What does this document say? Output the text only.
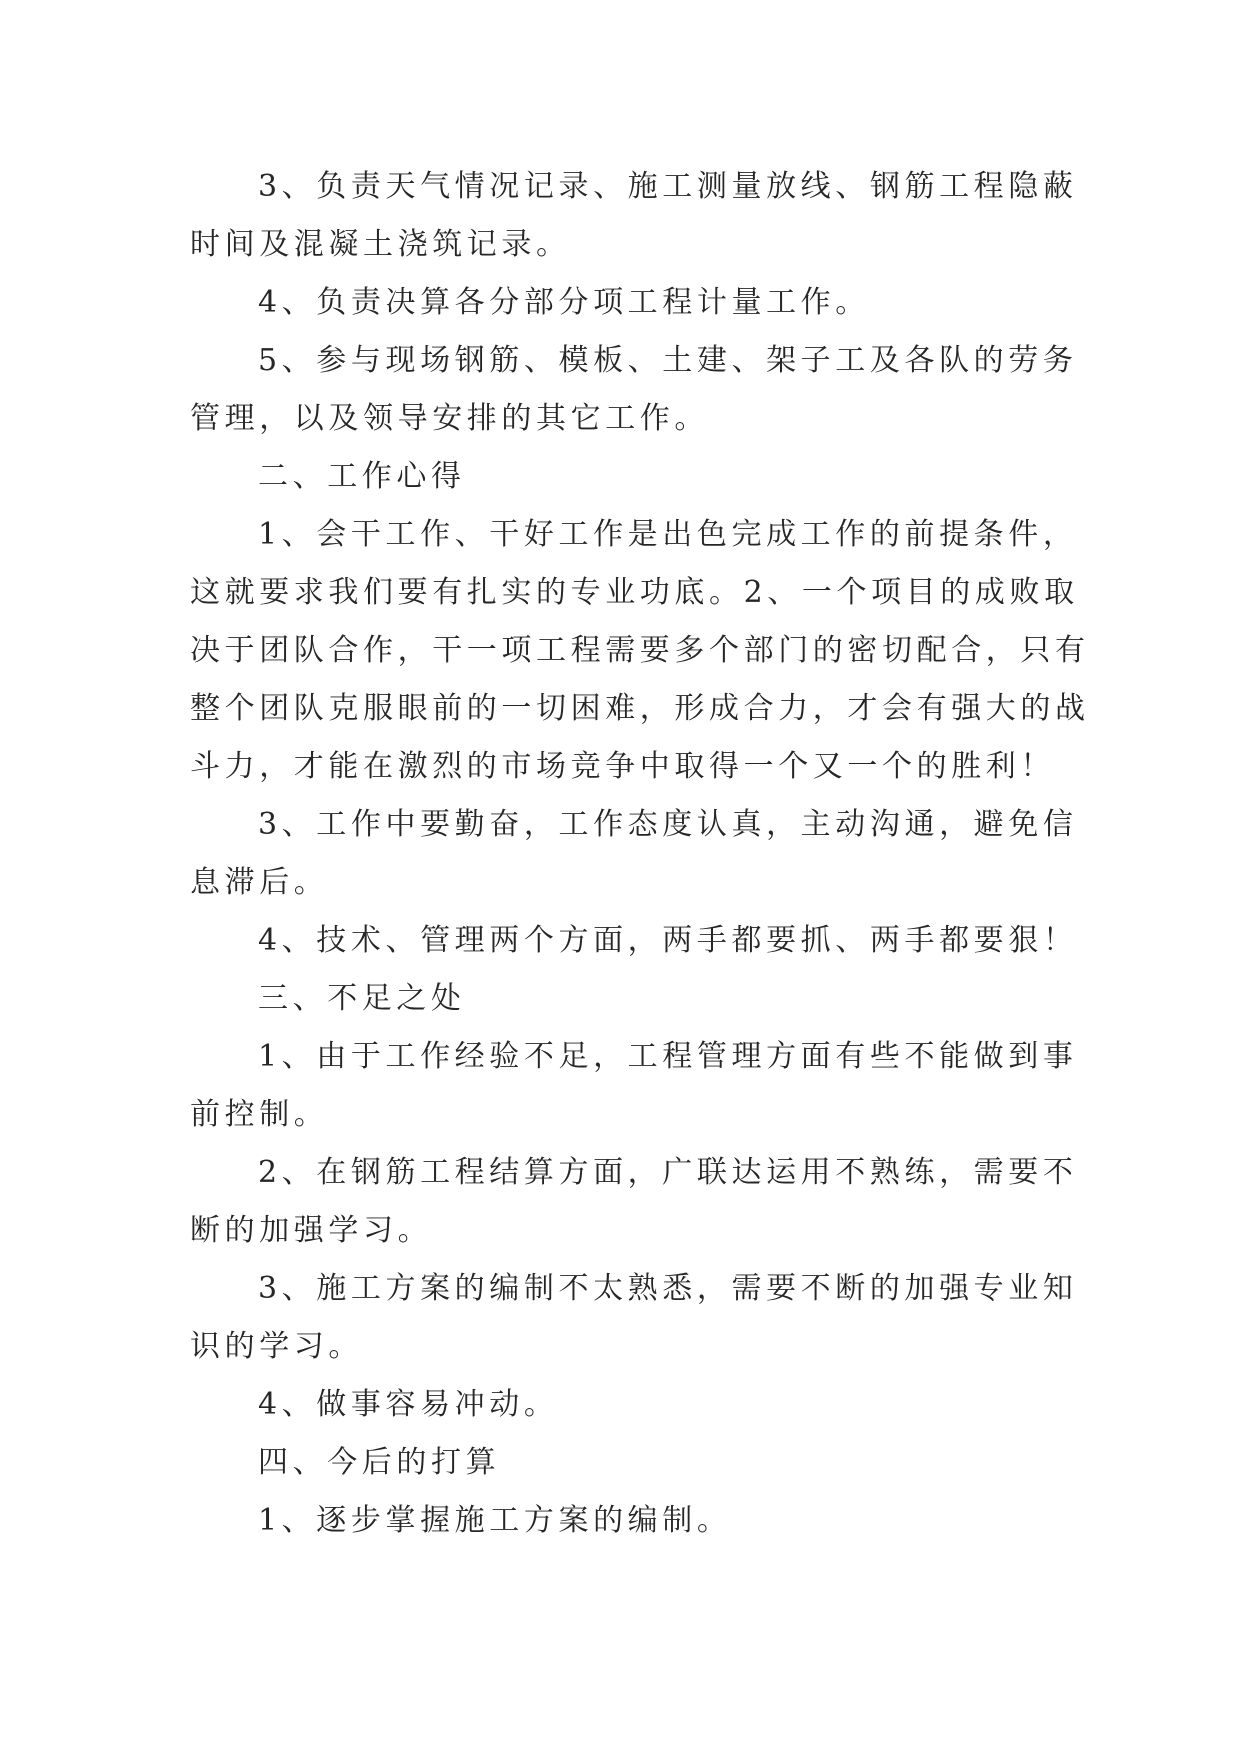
3、负责天气情况记录、施工测量放线、钢筋工程隐蔽
时间及混凝土浇筑记录。
4、负责决算各分部分项工程计量工作。
5、参与现场钢筋、模板、土建、架子工及各队的劳务
管理，以及领导安排的其它工作。
二、工作心得
1、会干工作、干好工作是出色完成工作的前提条件，
这就要求我们要有扎实的专业功底。2、一个项目的成败取
决于团队合作，干一项工程需要多个部门的密切配合，只有
整个团队克服眼前的一切困难，形成合力，才会有强大的战
斗力，才能在激烈的市场竞争中取得一个又一个的胜利！
3、工作中要勤奋，工作态度认真，主动沟通，避免信
息滞后。
4、技术、管理两个方面，两手都要抓、两手都要狠！
三、不足之处
1、由于工作经验不足，工程管理方面有些不能做到事
前控制。
2、在钢筋工程结算方面，广联达运用不熟练，需要不
断的加强学习。
3、施工方案的编制不太熟悉，需要不断的加强专业知
识的学习。
4、做事容易冲动。
四、今后的打算
1、逐步掌握施工方案的编制。
